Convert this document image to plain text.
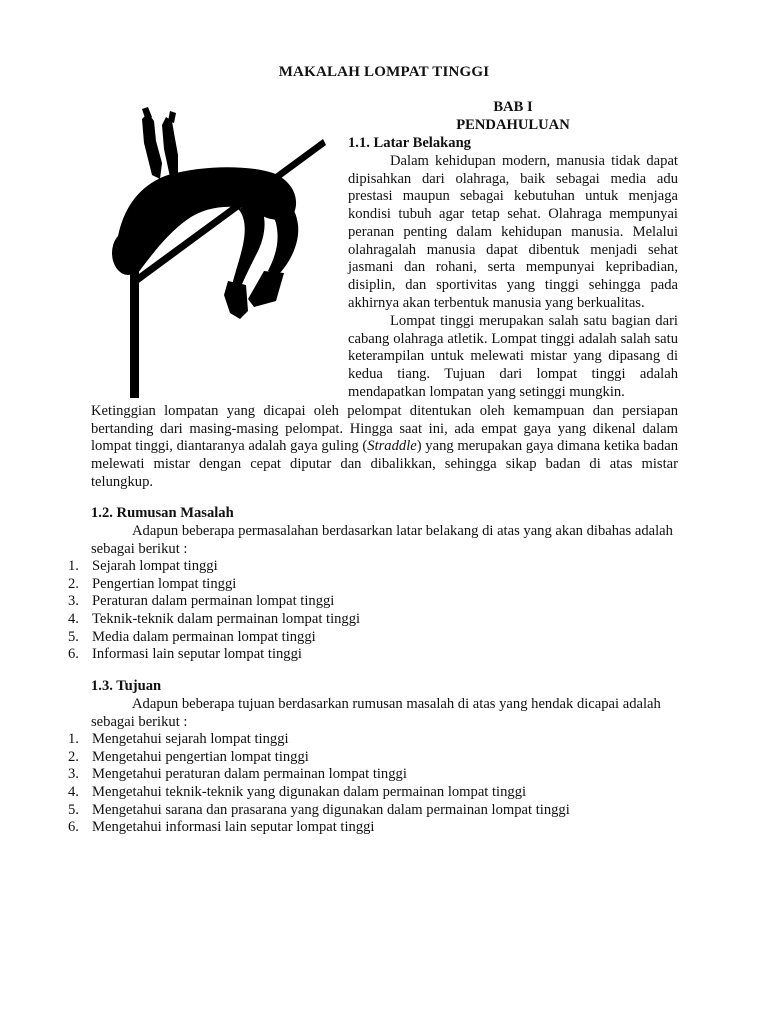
MAKALAH LOMPAT TINGGI
BAB I
PENDAHULUAN
1.1. Latar Belakang

Dalam kehidupan modern, manusia tidak dapat dipisahkan dari olahraga, baik sebagai media adu prestasi maupun sebagai kebutuhan untuk menjaga kondisi tubuh agar tetap sehat. Olahraga mempunyai peranan penting dalam kehidupan manusia. Melalui olahragalah manusia dapat dibentuk menjadi sehat jasmani dan rohani, serta mempunyai kepribadian, disiplin, dan sportivitas yang tinggi sehingga pada akhirnya akan terbentuk manusia yang berkualitas.

Lompat tinggi merupakan salah satu bagian dari cabang olahraga atletik. Lompat tinggi adalah salah satu keterampilan untuk melewati mistar yang dipasang di kedua tiang. Tujuan dari lompat tinggi adalah mendapatkan lompatan yang setinggi mungkin.

Ketinggian lompatan yang dicapai oleh pelompat ditentukan oleh kemampuan dan persiapan bertanding dari masing-masing pelompat. Hingga saat ini, ada empat gaya yang dikenal dalam lompat tinggi, diantaranya adalah gaya guling (Straddle) yang merupakan gaya dimana ketika badan melewati mistar dengan cepat diputar dan dibalikkan, sehingga sikap badan di atas mistar telungkup.

1.2. Rumusan Masalah

Adapun beberapa permasalahan berdasarkan latar belakang di atas yang akan dibahas adalah sebagai berikut :

1. Sejarah lompat tinggi
2. Pengertian lompat tinggi
3. Peraturan dalam permainan lompat tinggi
4. Teknik-teknik dalam permainan lompat tinggi
5. Media dalam permainan lompat tinggi
6. Informasi lain seputar lompat tinggi
1.3. Tujuan

Adapun beberapa tujuan berdasarkan rumusan masalah di atas yang hendak dicapai adalah sebagai berikut :

1. Mengetahui sejarah lompat tinggi
2. Mengetahui pengertian lompat tinggi
3. Mengetahui peraturan dalam permainan lompat tinggi
4. Mengetahui teknik-teknik yang digunakan dalam permainan lompat tinggi
5. Mengetahui sarana dan prasarana yang digunakan dalam permainan lompat tinggi
6. Mengetahui informasi lain seputar lompat tinggi
